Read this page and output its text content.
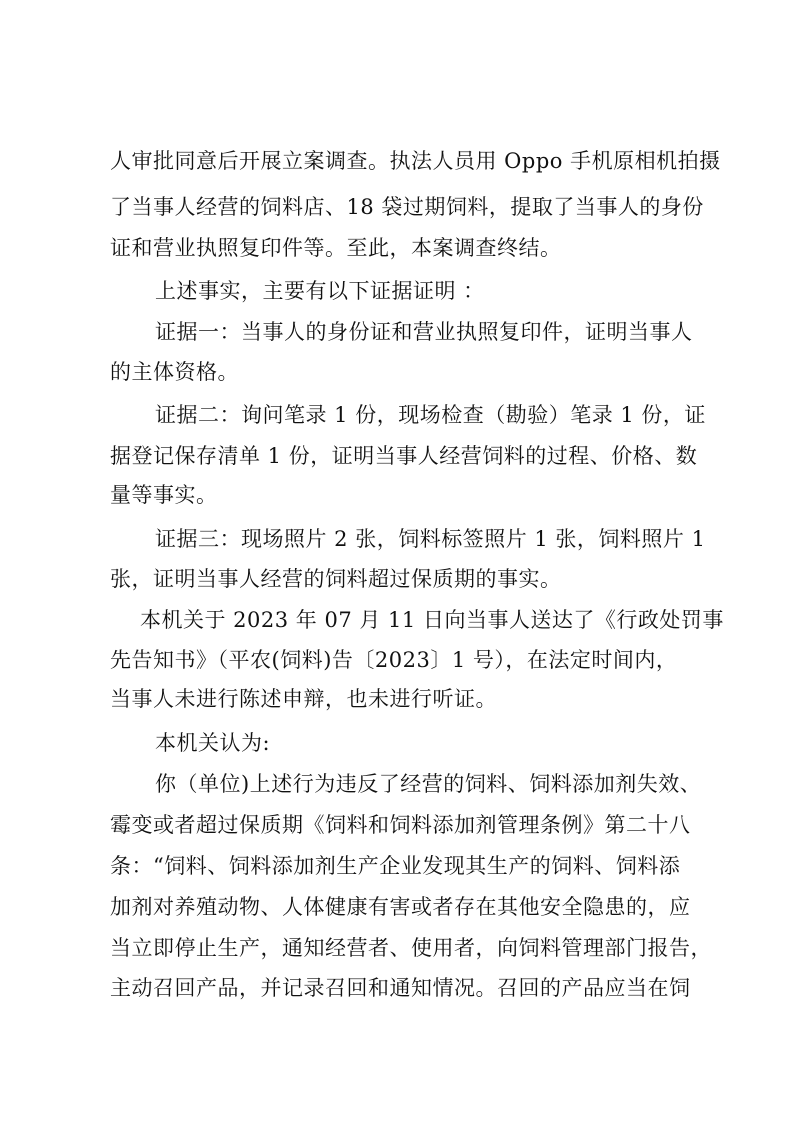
人审批同意后开展立案调查。执法人员用 Oppo 手机原相机拍摄
了当事人经营的饲料店、18 袋过期饲料，提取了当事人的身份
证和营业执照复印件等。至此，本案调查终结。
上述事实，主要有以下证据证明 ：
证据一：当事人的身份证和营业执照复印件，证明当事人
的主体资格。
证据二：询问笔录 1 份，现场检查（勘验）笔录 1 份，证
据登记保存清单 1 份，证明当事人经营饲料的过程、价格、数
量等事实。
证据三：现场照片 2 张，饲料标签照片 1 张，饲料照片 1
张，证明当事人经营的饲料超过保质期的事实。
本机关于 2023 年 07 月 11 日向当事人送达了《行政处罚事
先告知书》（平农(饲料)告〔2023〕1 号），在法定时间内，
当事人未进行陈述申辩，也未进行听证。
本机关认为:
你（单位)上述行为违反了经营的饲料、饲料添加剂失效、
霉变或者超过保质期《饲料和饲料添加剂管理条例》第二十八
条：“饲料、饲料添加剂生产企业发现其生产的饲料、饲料添
加剂对养殖动物、人体健康有害或者存在其他安全隐患的，应
当立即停止生产，通知经营者、使用者，向饲料管理部门报告，
主动召回产品，并记录召回和通知情况。召回的产品应当在饲
